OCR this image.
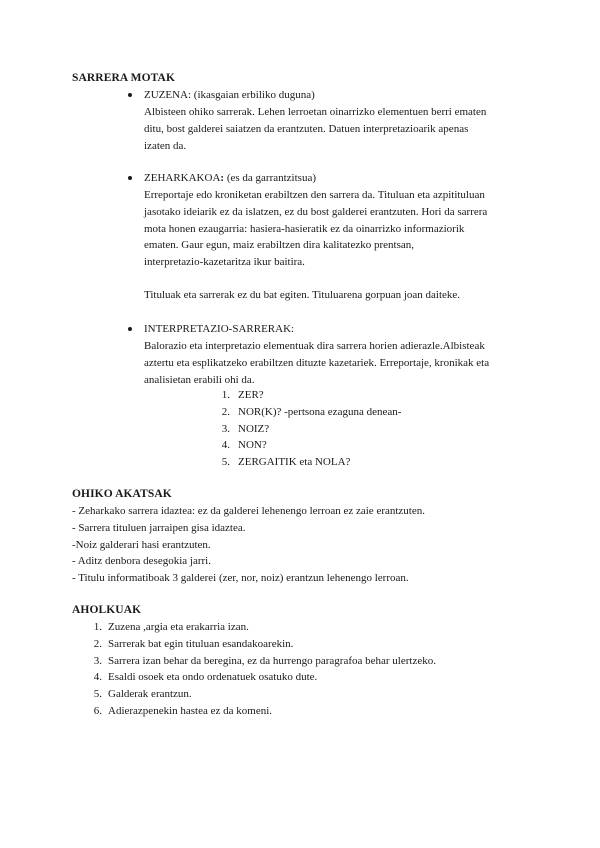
SARRERA MOTAK
ZUZENA: (ikasgaian erbiliko duguna)
Albisteen ohiko sarrerak. Lehen lerroetan oinarrizko elementuen berri ematen
ditu, bost galderei saiatzen da erantzuten. Datuen interpretazioarik apenas
izaten da.
ZEHARKAKOA: (es da garrantzitsua)
Erreportaje edo kroniketan erabiltzen den sarrera da. Tituluan eta azpitituluan
jasotako ideiarik ez da islatzen, ez du bost galderei erantzuten. Hori da sarrera
mota honen ezaugarria: hasiera-hasieratik ez da oinarrizko informaziorik
ematen. Gaur egun, maiz erabiltzen dira kalitatezko prentsan,
interpretazio-kazetaritza ikur baitira.
Tituluak eta sarrerak ez du bat egiten. Tituluarena gorpuan joan daiteke.
INTERPRETAZIO-SARRERAK:
Balorazio eta interpretazio elementuak dira sarrera horien adierazle.Albisteak
aztertu eta esplikatzeko erabiltzen dituzte kazetariek. Erreportaje, kronikak eta
analisietan erabili ohi da.
1. ZER?
2. NOR(K)? -pertsona ezaguna denean-
3. NOIZ?
4. NON?
5. ZERGAITIK eta NOLA?
OHIKO AKATSAK
- Zeharkako sarrera idaztea: ez da galderei lehenengo lerroan ez zaie erantzuten.
- Sarrera tituluen jarraipen gisa idaztea.
-Noiz galderari hasi erantzuten.
- Aditz denbora desegokia jarri.
- Titulu informatiboak 3 galderei (zer, nor, noiz) erantzun lehenengo lerroan.
AHOLKUAK
1. Zuzena ,argia eta erakarria izan.
2. Sarrerak bat egin tituluan esandakoarekin.
3. Sarrera izan behar da beregina, ez da hurrengo paragrafoa behar ulertzeko.
4. Esaldi osoek eta ondo ordenatuek osatuko dute.
5. Galderak erantzun.
6. Adierazpenekin hastea ez da komeni.
